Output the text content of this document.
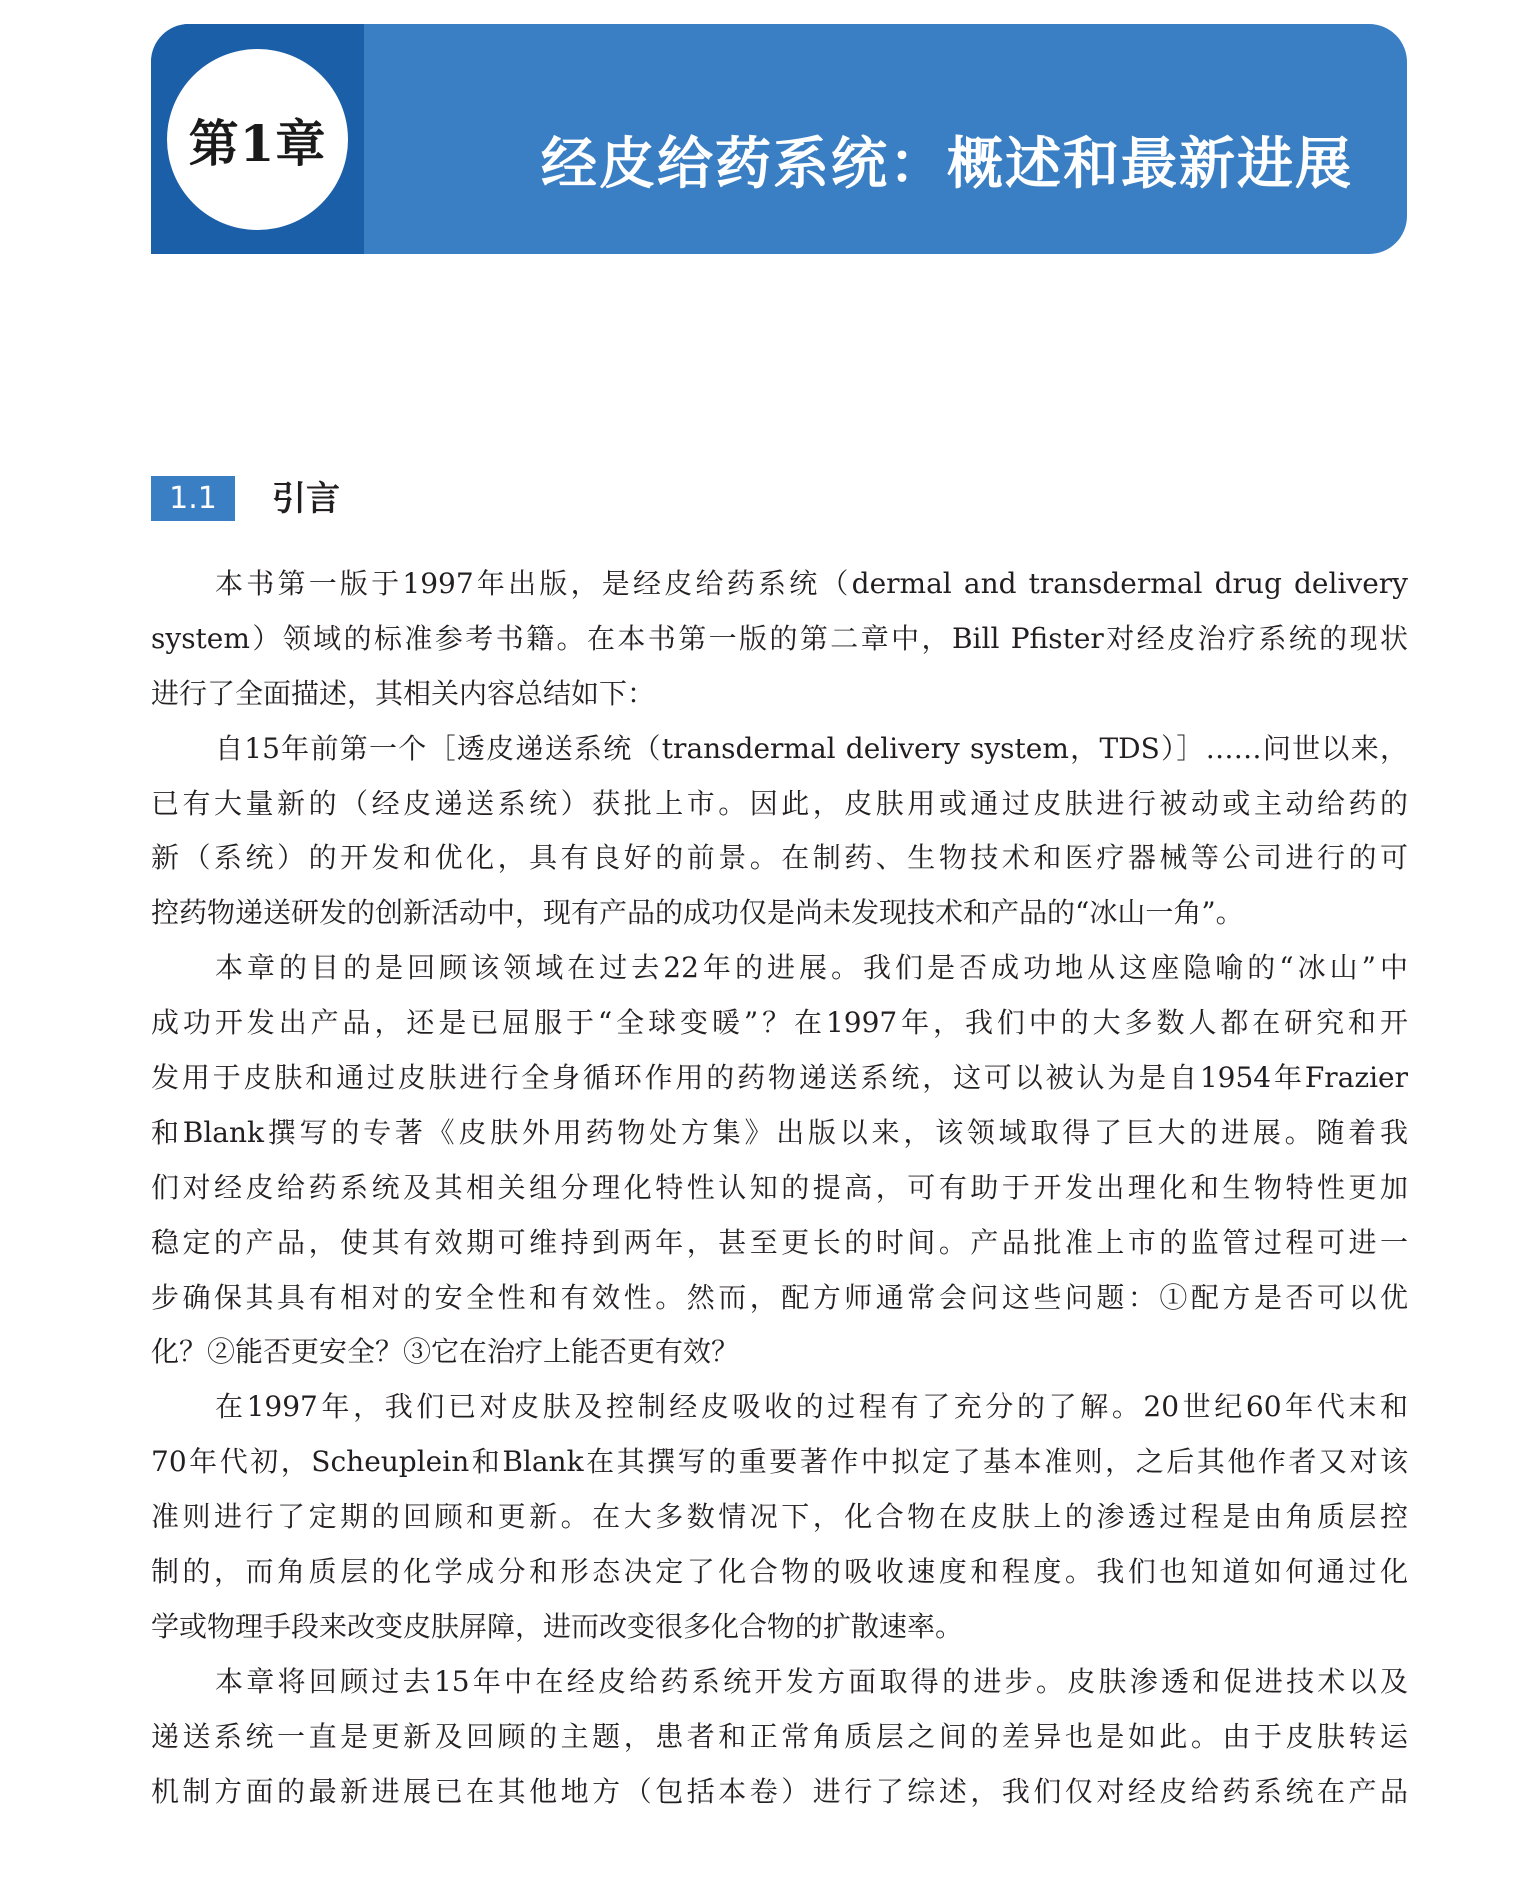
经皮给药系统：概述和最新进展
第1章
1.1	引言
本书第一版于1997年出版，是经皮给药系统（dermal and transdermal drug delivery
system）领域的标准参考书籍。在本书第一版的第二章中，Bill Pfister对经皮治疗系统的现状
进行了全面描述，其相关内容总结如下：
自15年前第一个［透皮递送系统（transdermal delivery system，TDS）］……问世以来，
已有大量新的（经皮递送系统）获批上市。因此，皮肤用或通过皮肤进行被动或主动给药的
新（系统）的开发和优化，具有良好的前景。在制药、生物技术和医疗器械等公司进行的可
控药物递送研发的创新活动中，现有产品的成功仅是尚未发现技术和产品的“冰山一角”。
本章的目的是回顾该领域在过去22年的进展。我们是否成功地从这座隐喻的“冰山”中
成功开发出产品，还是已屈服于“全球变暖”？在1997年，我们中的大多数人都在研究和开
发用于皮肤和通过皮肤进行全身循环作用的药物递送系统，这可以被认为是自1954年Frazier
和Blank撰写的专著《皮肤外用药物处方集》出版以来，该领域取得了巨大的进展。随着我
们对经皮给药系统及其相关组分理化特性认知的提高，可有助于开发出理化和生物特性更加
稳定的产品，使其有效期可维持到两年，甚至更长的时间。产品批准上市的监管过程可进一
步确保其具有相对的安全性和有效性。然而，配方师通常会问这些问题：①配方是否可以优
化？②能否更安全？③它在治疗上能否更有效？
在1997年，我们已对皮肤及控制经皮吸收的过程有了充分的了解。20世纪60年代末和
70年代初，Scheuplein和Blank在其撰写的重要著作中拟定了基本准则，之后其他作者又对该
准则进行了定期的回顾和更新。在大多数情况下，化合物在皮肤上的渗透过程是由角质层控
制的，而角质层的化学成分和形态决定了化合物的吸收速度和程度。我们也知道如何通过化
学或物理手段来改变皮肤屏障，进而改变很多化合物的扩散速率。
本章将回顾过去15年中在经皮给药系统开发方面取得的进步。皮肤渗透和促进技术以及
递送系统一直是更新及回顾的主题，患者和正常角质层之间的差异也是如此。由于皮肤转运
机制方面的最新进展已在其他地方（包括本卷）进行了综述，我们仅对经皮给药系统在产品
